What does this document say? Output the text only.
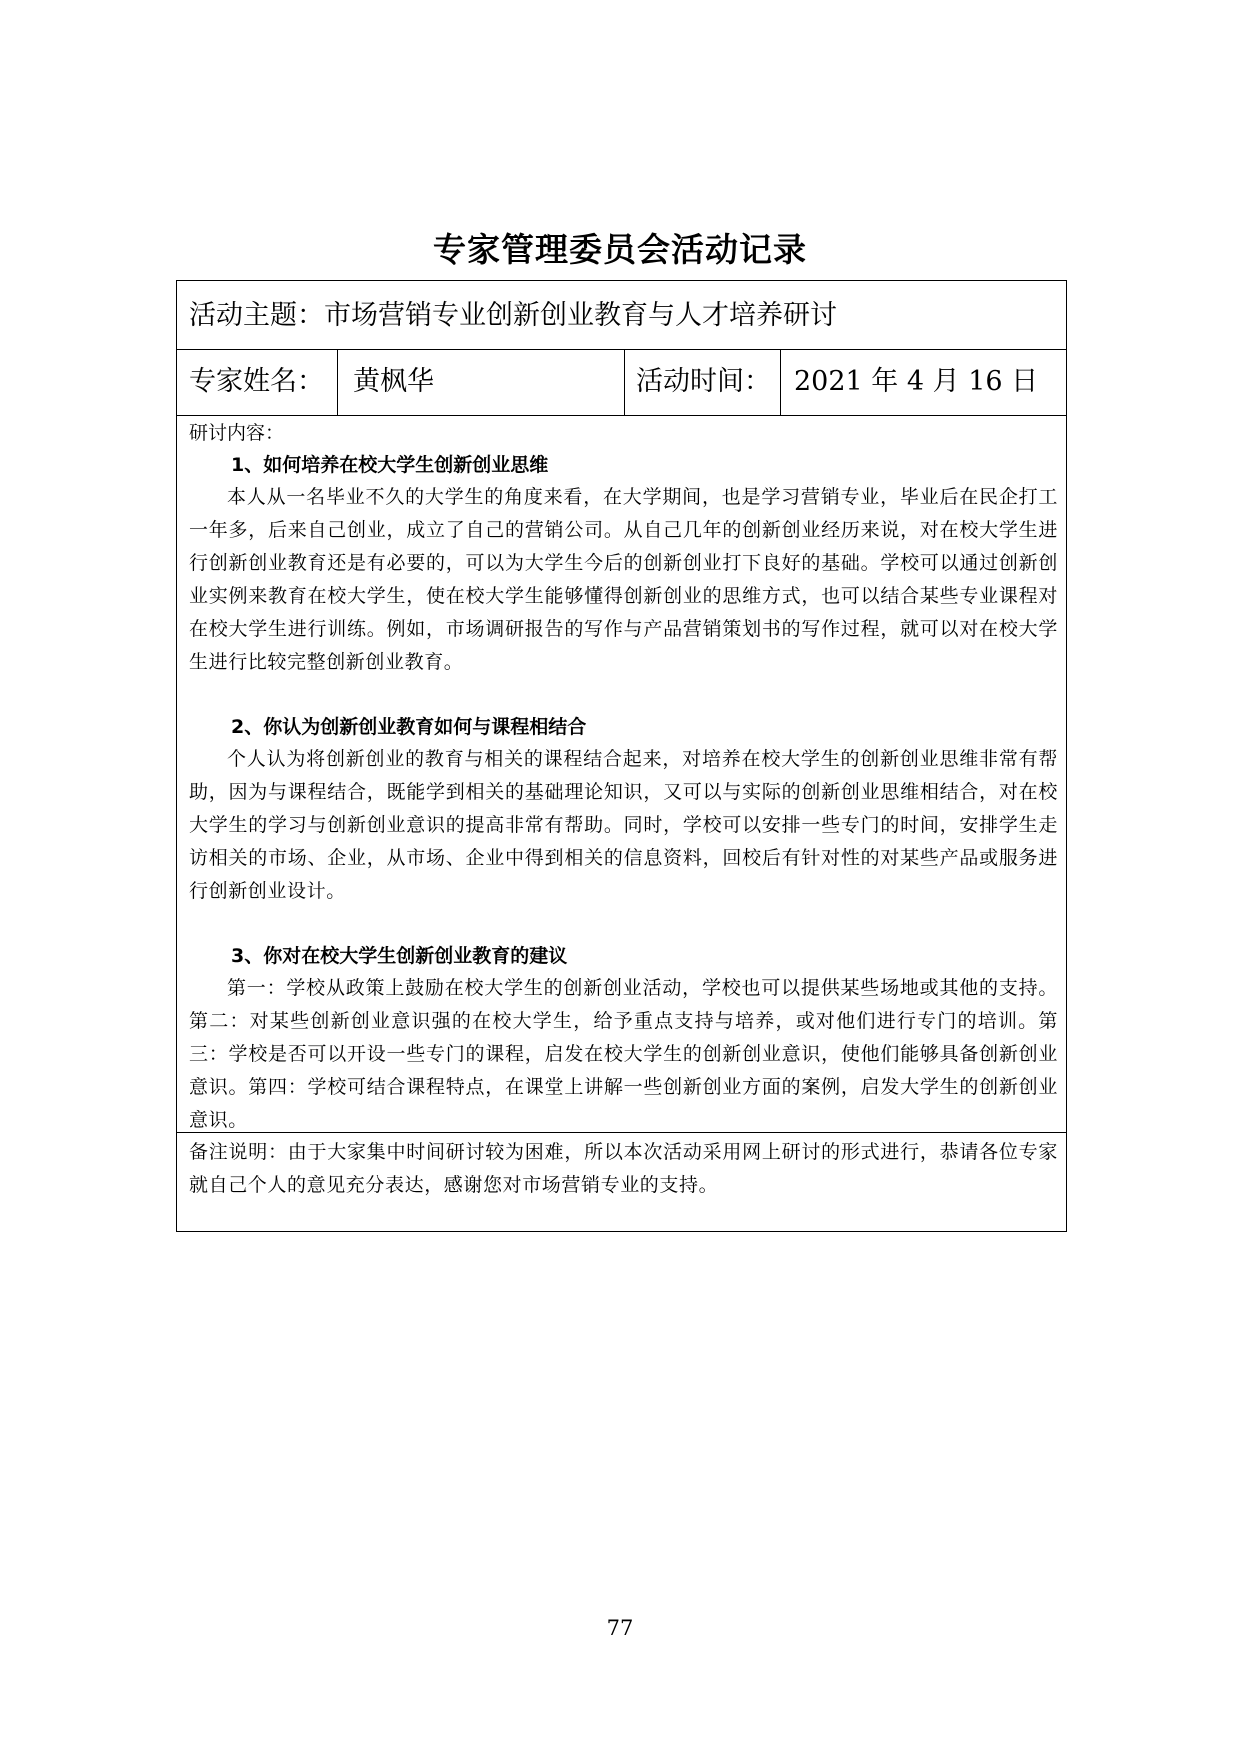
专家管理委员会活动记录
活动主题：市场营销专业创新创业教育与人才培养研讨
专家姓名： 黄枫华	活动时间： 2021 年 4 月 16 日
研讨内容：
1、如何培养在校大学生创新创业思维
本人从一名毕业不久的大学生的角度来看，在大学期间，也是学习营销专业，毕业后在民企打工一年多，后来自己创业，成立了自己的营销公司。从自己几年的创新创业经历来说，对在校大学生进行创新创业教育还是有必要的，可以为大学生今后的创新创业打下良好的基础。学校可以通过创新创业实例来教育在校大学生，使在校大学生能够懂得创新创业的思维方式，也可以结合某些专业课程对在校大学生进行训练。例如，市场调研报告的写作与产品营销策划书的写作过程，就可以对在校大学生进行比较完整创新创业教育。
2、你认为创新创业教育如何与课程相结合
个人认为将创新创业的教育与相关的课程结合起来，对培养在校大学生的创新创业思维非常有帮助，因为与课程结合，既能学到相关的基础理论知识，又可以与实际的创新创业思维相结合，对在校大学生的学习与创新创业意识的提高非常有帮助。同时，学校可以安排一些专门的时间，安排学生走访相关的市场、企业，从市场、企业中得到相关的信息资料，回校后有针对性的对某些产品或服务进行创新创业设计。
3、你对在校大学生创新创业教育的建议
第一：学校从政策上鼓励在校大学生的创新创业活动，学校也可以提供某些场地或其他的支持。第二：对某些创新创业意识强的在校大学生，给予重点支持与培养，或对他们进行专门的培训。第三：学校是否可以开设一些专门的课程，启发在校大学生的创新创业意识，使他们能够具备创新创业意识。第四：学校可结合课程特点，在课堂上讲解一些创新创业方面的案例，启发大学生的创新创业意识。
备注说明：由于大家集中时间研讨较为困难，所以本次活动采用网上研讨的形式进行，恭请各位专家就自己个人的意见充分表达，感谢您对市场营销专业的支持。
77
